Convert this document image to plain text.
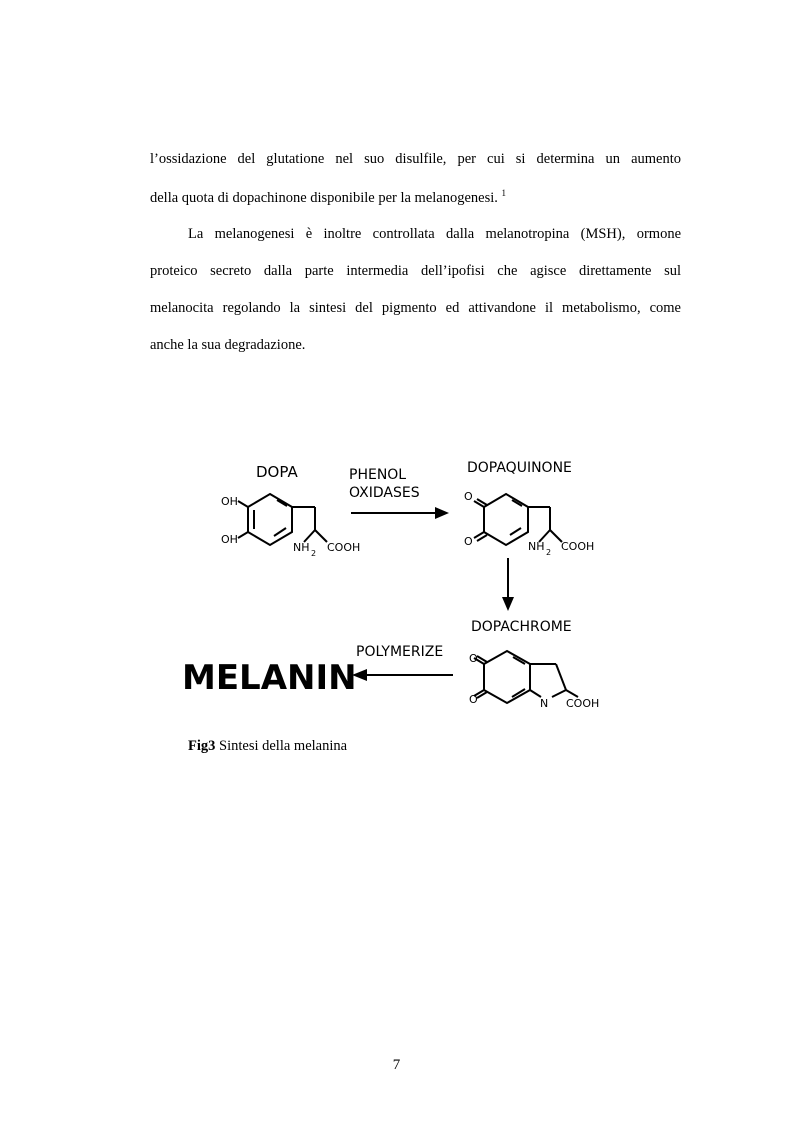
l’ossidazione del glutatione nel suo disulfile, per cui si determina un aumento

della quota di dopachinone disponibile per la melanogenesi. $^1$

La melanogenesi è inoltre controllata dalla melanotropina (MSH), ormone

proteico secreto dalla parte intermedia dell’ipofisi che agisce direttamente sul

melanocita regolando la sintesi del pigmento ed attivandone il metabolismo, come

anche la sua degradazione.

DOPA	PHENOL
OXIDASES
DOPAQUINONE
DOPACHROME
POLYMERIZE
MELANIN
OH
OH
NH 2 COOH
O
O	NH 2 COOH
O
O	N COOH
Fig3 Sintesi della melanina
7
